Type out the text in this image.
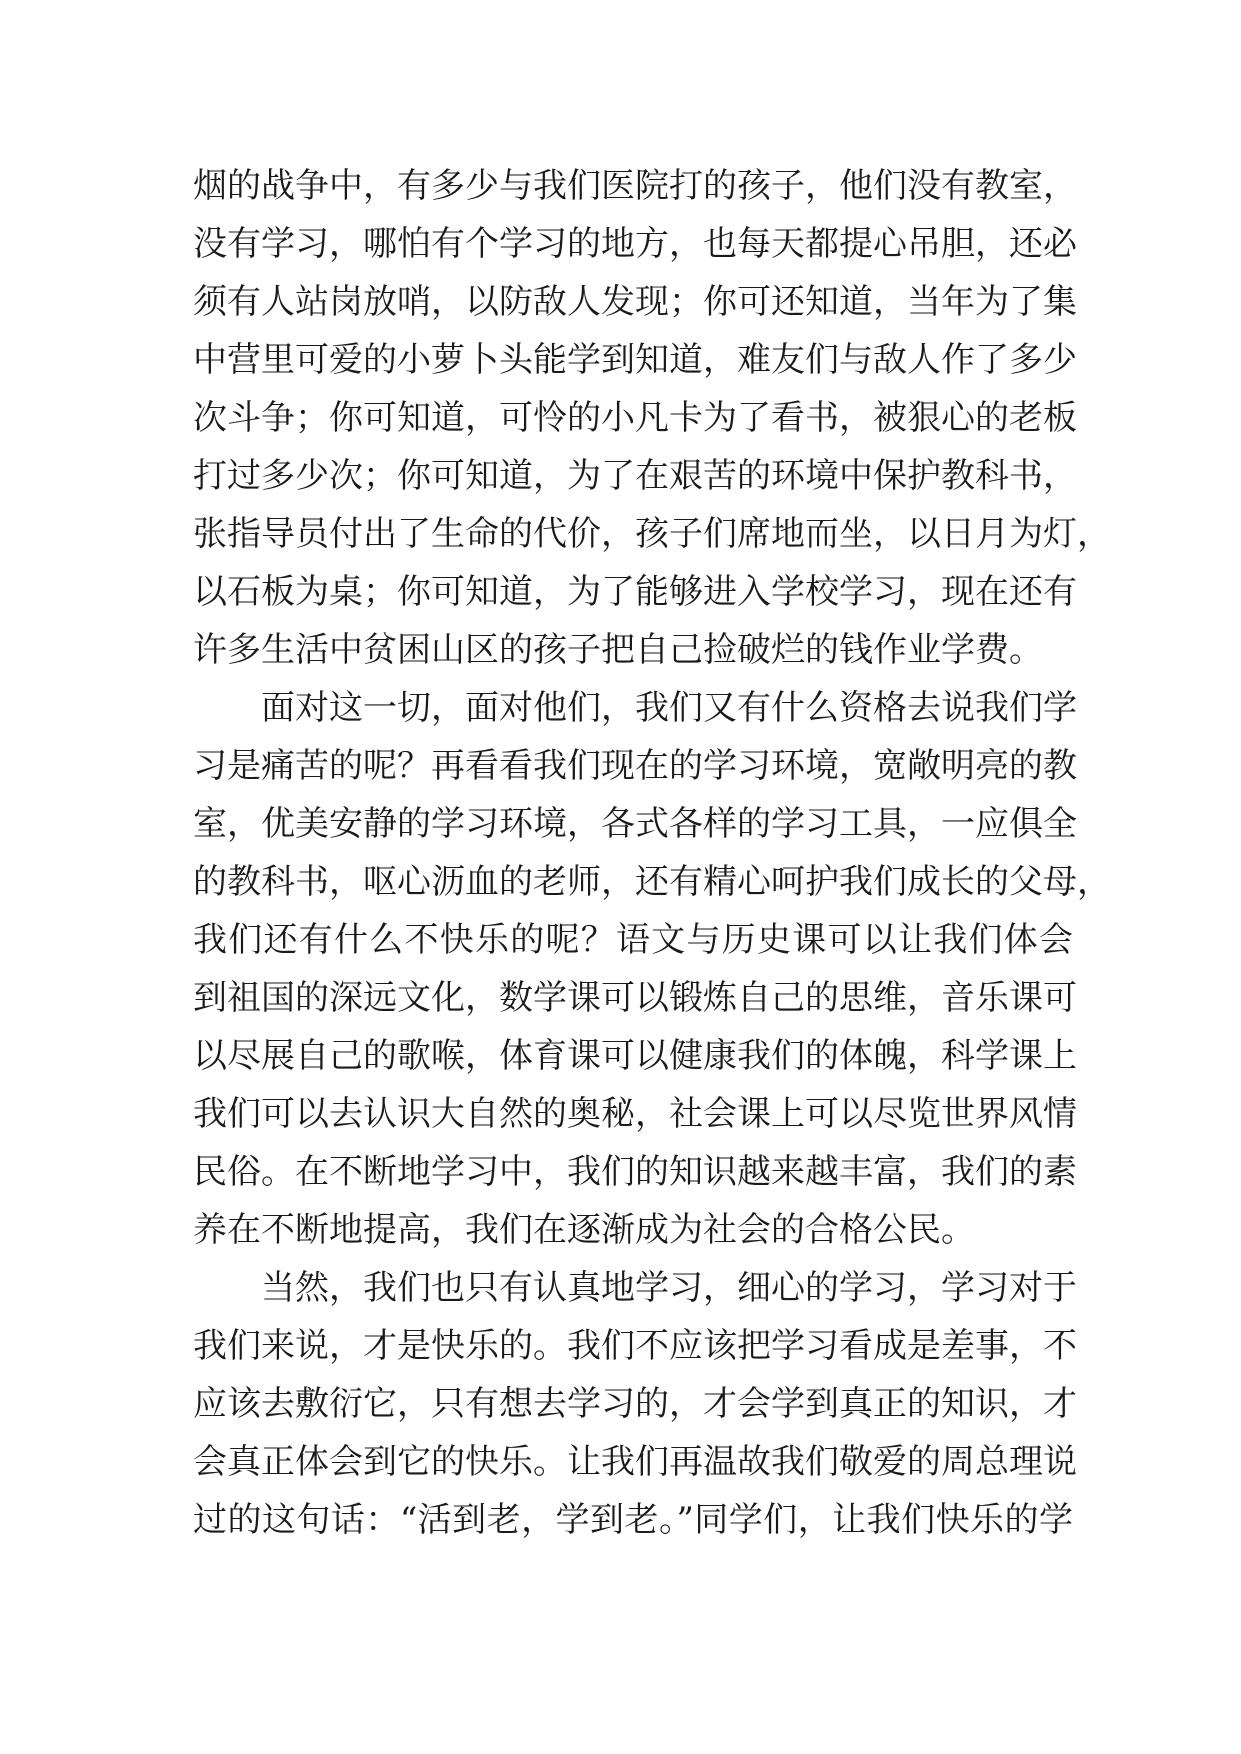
烟的战争中，有多少与我们医院打的孩子，他们没有教室，
没有学习，哪怕有个学习的地方，也每天都提心吊胆，还必
须有人站岗放哨，以防敌人发现；你可还知道，当年为了集
中营里可爱的小萝卜头能学到知道，难友们与敌人作了多少
次斗争；你可知道，可怜的小凡卡为了看书，被狠心的老板
打过多少次；你可知道，为了在艰苦的环境中保护教科书，
张指导员付出了生命的代价，孩子们席地而坐，以日月为灯，
以石板为桌；你可知道，为了能够进入学校学习，现在还有
许多生活中贫困山区的孩子把自己捡破烂的钱作业学费。
面对这一切，面对他们，我们又有什么资格去说我们学
习是痛苦的呢？再看看我们现在的学习环境，宽敞明亮的教
室，优美安静的学习环境，各式各样的学习工具，一应俱全
的教科书，呕心沥血的老师，还有精心呵护我们成长的父母，
我们还有什么不快乐的呢？语文与历史课可以让我们体会
到祖国的深远文化，数学课可以锻炼自己的思维，音乐课可
以尽展自己的歌喉，体育课可以健康我们的体魄，科学课上
我们可以去认识大自然的奥秘，社会课上可以尽览世界风情
民俗。在不断地学习中，我们的知识越来越丰富，我们的素
养在不断地提高，我们在逐渐成为社会的合格公民。
当然，我们也只有认真地学习，细心的学习，学习对于
我们来说，才是快乐的。我们不应该把学习看成是差事，不
应该去敷衍它，只有想去学习的，才会学到真正的知识，才
会真正体会到它的快乐。让我们再温故我们敬爱的周总理说
过的这句话：“活到老，学到老。”同学们，让我们快乐的学
